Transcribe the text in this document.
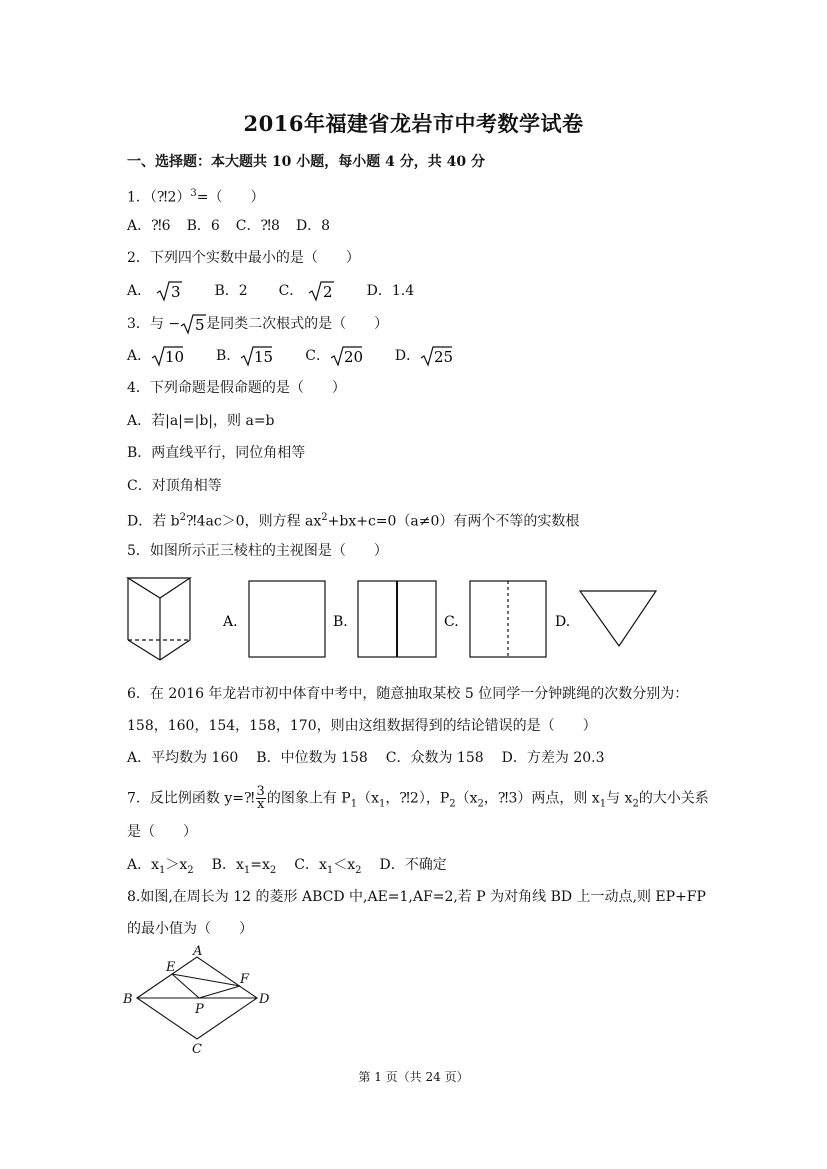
2016年福建省龙岩市中考数学试卷
一、选择题：本大题共 10 小题，每小题 4 分，共 40 分
1．（⁈2）$^3$=（　　）
A．⁈6 B．6 C．⁈8 D．8
2．下列四个实数中最小的是（　　）
A． 3 B．2 C． 2 D．1.4
3．与 − 5 是同类二次根式的是（　　）
A． 10 B． 15 C． 20 D． 25
4．下列命题是假命题的是（　　）
A．若|a|=|b|，则 a=b
B．两直线平行，同位角相等
C．对顶角相等
D．若 $b^2⁈4ac>0$，则方程 $ax^2+bx+c=0(a\ne 0)$有两个不等的实数根
5．如图所示正三棱柱的主视图是（　　）
A.	B.	C.	D.
6．在 2016 年龙岩市初中体育中考中，随意抽取某校 5 位同学一分钟跳绳的次数分别为：
158，160，154，158，170，则由这组数据得到的结论错误的是（　　）
A．平均数为 160 B．中位数为 158 C．众数为 158 D．方差为 20.3
7．反比例函数 y=⁈ $\frac{3}{x}$ 的图象上有 $P_1(x_1$，⁈2），$P_2(x_2$，⁈3）两点，则 $x_1$与 $x_2$的大小关系
是（　　）
A．$x_1>x_2$ B．$x_1=x_2$ C．$x_1<x_2$ D．不确定
8.如图,在周长为 12 的菱形 ABCD 中,AE=1,AF=2,若 P 为对角线 BD 上一动点,则 EP+FP
的最小值为（　　）
A
B
C
D
E
F
P
第 1 页（共 24 页）
